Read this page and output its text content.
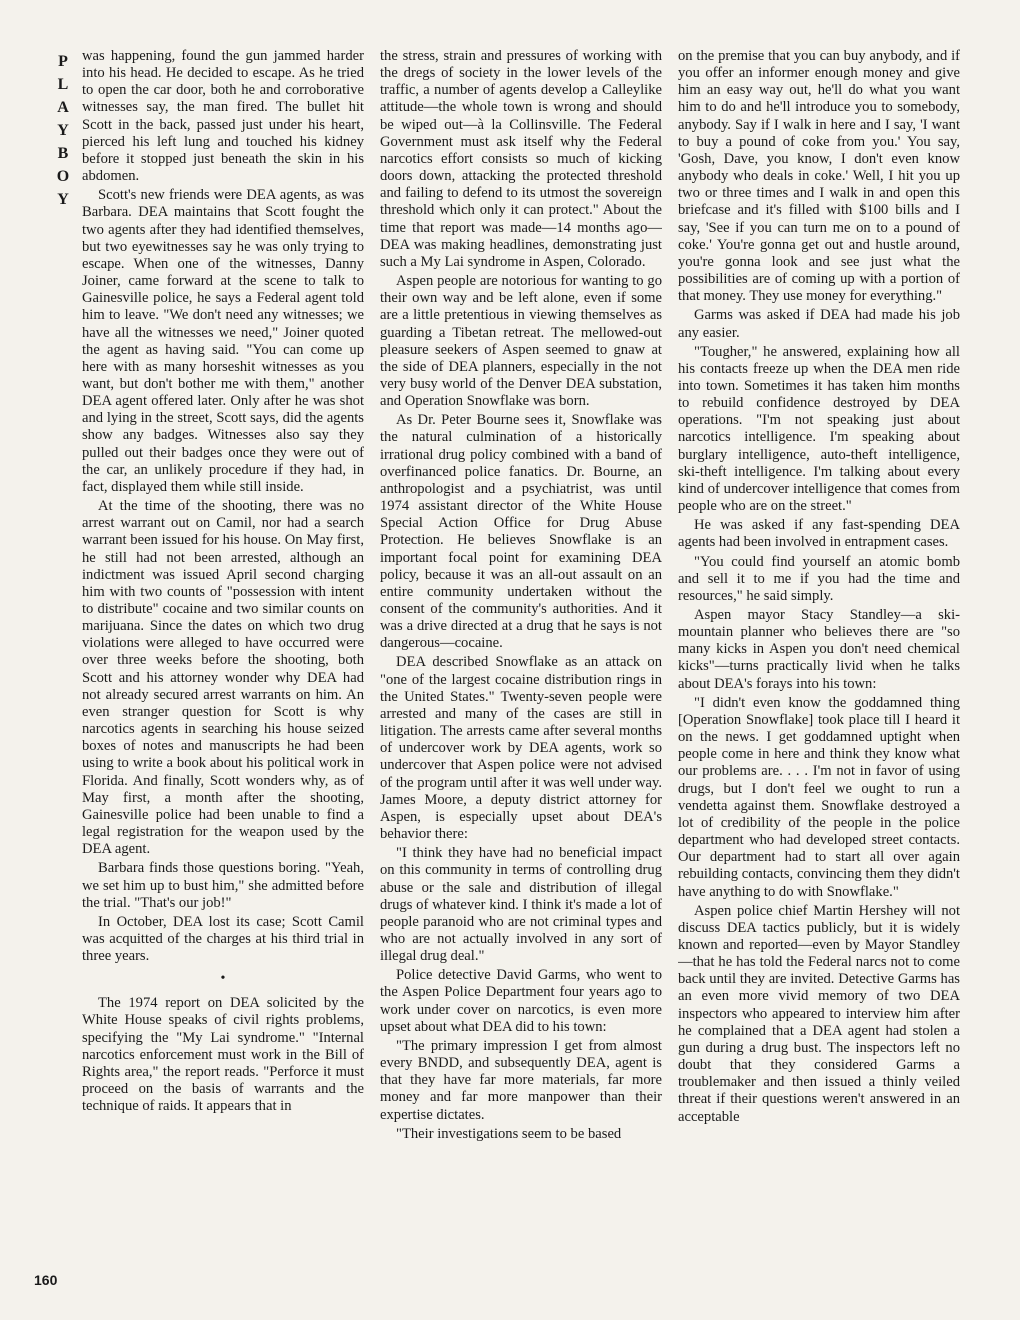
P
L
A
Y
B
O
Y

was happening, found the gun jammed harder into his head. He decided to escape. As he tried to open the car door, both he and corroborative witnesses say, the man fired. The bullet hit Scott in the back, passed just under his heart, pierced his left lung and touched his kidney before it stopped just beneath the skin in his abdomen.

Scott's new friends were DEA agents, as was Barbara. DEA maintains that Scott fought the two agents after they had identified themselves, but two eyewitnesses say he was only trying to escape. When one of the witnesses, Danny Joiner, came forward at the scene to talk to Gainesville police, he says a Federal agent told him to leave. "We don't need any witnesses; we have all the witnesses we need," Joiner quoted the agent as having said. "You can come up here with as many horseshit witnesses as you want, but don't bother me with them," another DEA agent offered later. Only after he was shot and lying in the street, Scott says, did the agents show any badges. Witnesses also say they pulled out their badges once they were out of the car, an unlikely procedure if they had, in fact, displayed them while still inside.

At the time of the shooting, there was no arrest warrant out on Camil, nor had a search warrant been issued for his house. On May first, he still had not been arrested, although an indictment was issued April second charging him with two counts of "possession with intent to distribute" cocaine and two similar counts on marijuana. Since the dates on which two drug violations were alleged to have occurred were over three weeks before the shooting, both Scott and his attorney wonder why DEA had not already secured arrest warrants on him. An even stranger question for Scott is why narcotics agents in searching his house seized boxes of notes and manuscripts he had been using to write a book about his political work in Florida. And finally, Scott wonders why, as of May first, a month after the shooting, Gainesville police had been unable to find a legal registration for the weapon used by the DEA agent.

Barbara finds those questions boring. "Yeah, we set him up to bust him," she admitted before the trial. "That's our job!"

In October, DEA lost its case; Scott Camil was acquitted of the charges at his third trial in three years.

•

The 1974 report on DEA solicited by the White House speaks of civil rights problems, specifying the "My Lai syndrome." "Internal narcotics enforcement must work in the Bill of Rights area," the report reads. "Perforce it must proceed on the basis of warrants and the technique of raids. It appears that in

the stress, strain and pressures of working with the dregs of society in the lower levels of the traffic, a number of agents develop a Calleylike attitude—the whole town is wrong and should be wiped out—à la Collinsville. The Federal Government must ask itself why the Federal narcotics effort consists so much of kicking doors down, attacking the protected threshold and failing to defend to its utmost the sovereign threshold which only it can protect." About the time that report was made—14 months ago—DEA was making headlines, demonstrating just such a My Lai syndrome in Aspen, Colorado.

Aspen people are notorious for wanting to go their own way and be left alone, even if some are a little pretentious in viewing themselves as guarding a Tibetan retreat. The mellowed-out pleasure seekers of Aspen seemed to gnaw at the side of DEA planners, especially in the not very busy world of the Denver DEA substation, and Operation Snowflake was born.

As Dr. Peter Bourne sees it, Snowflake was the natural culmination of a historically irrational drug policy combined with a band of overfinanced police fanatics. Dr. Bourne, an anthropologist and a psychiatrist, was until 1974 assistant director of the White House Special Action Office for Drug Abuse Protection. He believes Snowflake is an important focal point for examining DEA policy, because it was an all-out assault on an entire community undertaken without the consent of the community's authorities. And it was a drive directed at a drug that he says is not dangerous—cocaine.

DEA described Snowflake as an attack on "one of the largest cocaine distribution rings in the United States." Twenty-seven people were arrested and many of the cases are still in litigation. The arrests came after several months of undercover work by DEA agents, work so undercover that Aspen police were not advised of the program until after it was well under way. James Moore, a deputy district attorney for Aspen, is especially upset about DEA's behavior there:

"I think they have had no beneficial impact on this community in terms of controlling drug abuse or the sale and distribution of illegal drugs of whatever kind. I think it's made a lot of people paranoid who are not criminal types and who are not actually involved in any sort of illegal drug deal."

Police detective David Garms, who went to the Aspen Police Department four years ago to work under cover on narcotics, is even more upset about what DEA did to his town:

"The primary impression I get from almost every BNDD, and subsequently DEA, agent is that they have far more materials, far more money and far more manpower than their expertise dictates.

"Their investigations seem to be based

on the premise that you can buy anybody, and if you offer an informer enough money and give him an easy way out, he'll do what you want him to do and he'll introduce you to somebody, anybody. Say if I walk in here and I say, 'I want to buy a pound of coke from you.' You say, 'Gosh, Dave, you know, I don't even know anybody who deals in coke.' Well, I hit you up two or three times and I walk in and open this briefcase and it's filled with $100 bills and I say, 'See if you can turn me on to a pound of coke.' You're gonna get out and hustle around, you're gonna look and see just what the possibilities are of coming up with a portion of that money. They use money for everything."

Garms was asked if DEA had made his job any easier.

"Tougher," he answered, explaining how all his contacts freeze up when the DEA men ride into town. Sometimes it has taken him months to rebuild confidence destroyed by DEA operations. "I'm not speaking just about narcotics intelligence. I'm speaking about burglary intelligence, auto-theft intelligence, ski-theft intelligence. I'm talking about every kind of undercover intelligence that comes from people who are on the street."

He was asked if any fast-spending DEA agents had been involved in entrapment cases.

"You could find yourself an atomic bomb and sell it to me if you had the time and resources," he said simply.

Aspen mayor Stacy Standley—a ski-mountain planner who believes there are "so many kicks in Aspen you don't need chemical kicks"—turns practically livid when he talks about DEA's forays into his town:

"I didn't even know the goddamned thing [Operation Snowflake] took place till I heard it on the news. I get goddamned uptight when people come in here and think they know what our problems are. . . . I'm not in favor of using drugs, but I don't feel we ought to run a vendetta against them. Snowflake destroyed a lot of credibility of the people in the police department who had developed street contacts. Our department had to start all over again rebuilding contacts, convincing them they didn't have anything to do with Snowflake."

Aspen police chief Martin Hershey will not discuss DEA tactics publicly, but it is widely known and reported—even by Mayor Standley—that he has told the Federal narcs not to come back until they are invited. Detective Garms has an even more vivid memory of two DEA inspectors who appeared to interview him after he complained that a DEA agent had stolen a gun during a drug bust. The inspectors left no doubt that they considered Garms a troublemaker and then issued a thinly veiled threat if their questions weren't answered in an acceptable

160
